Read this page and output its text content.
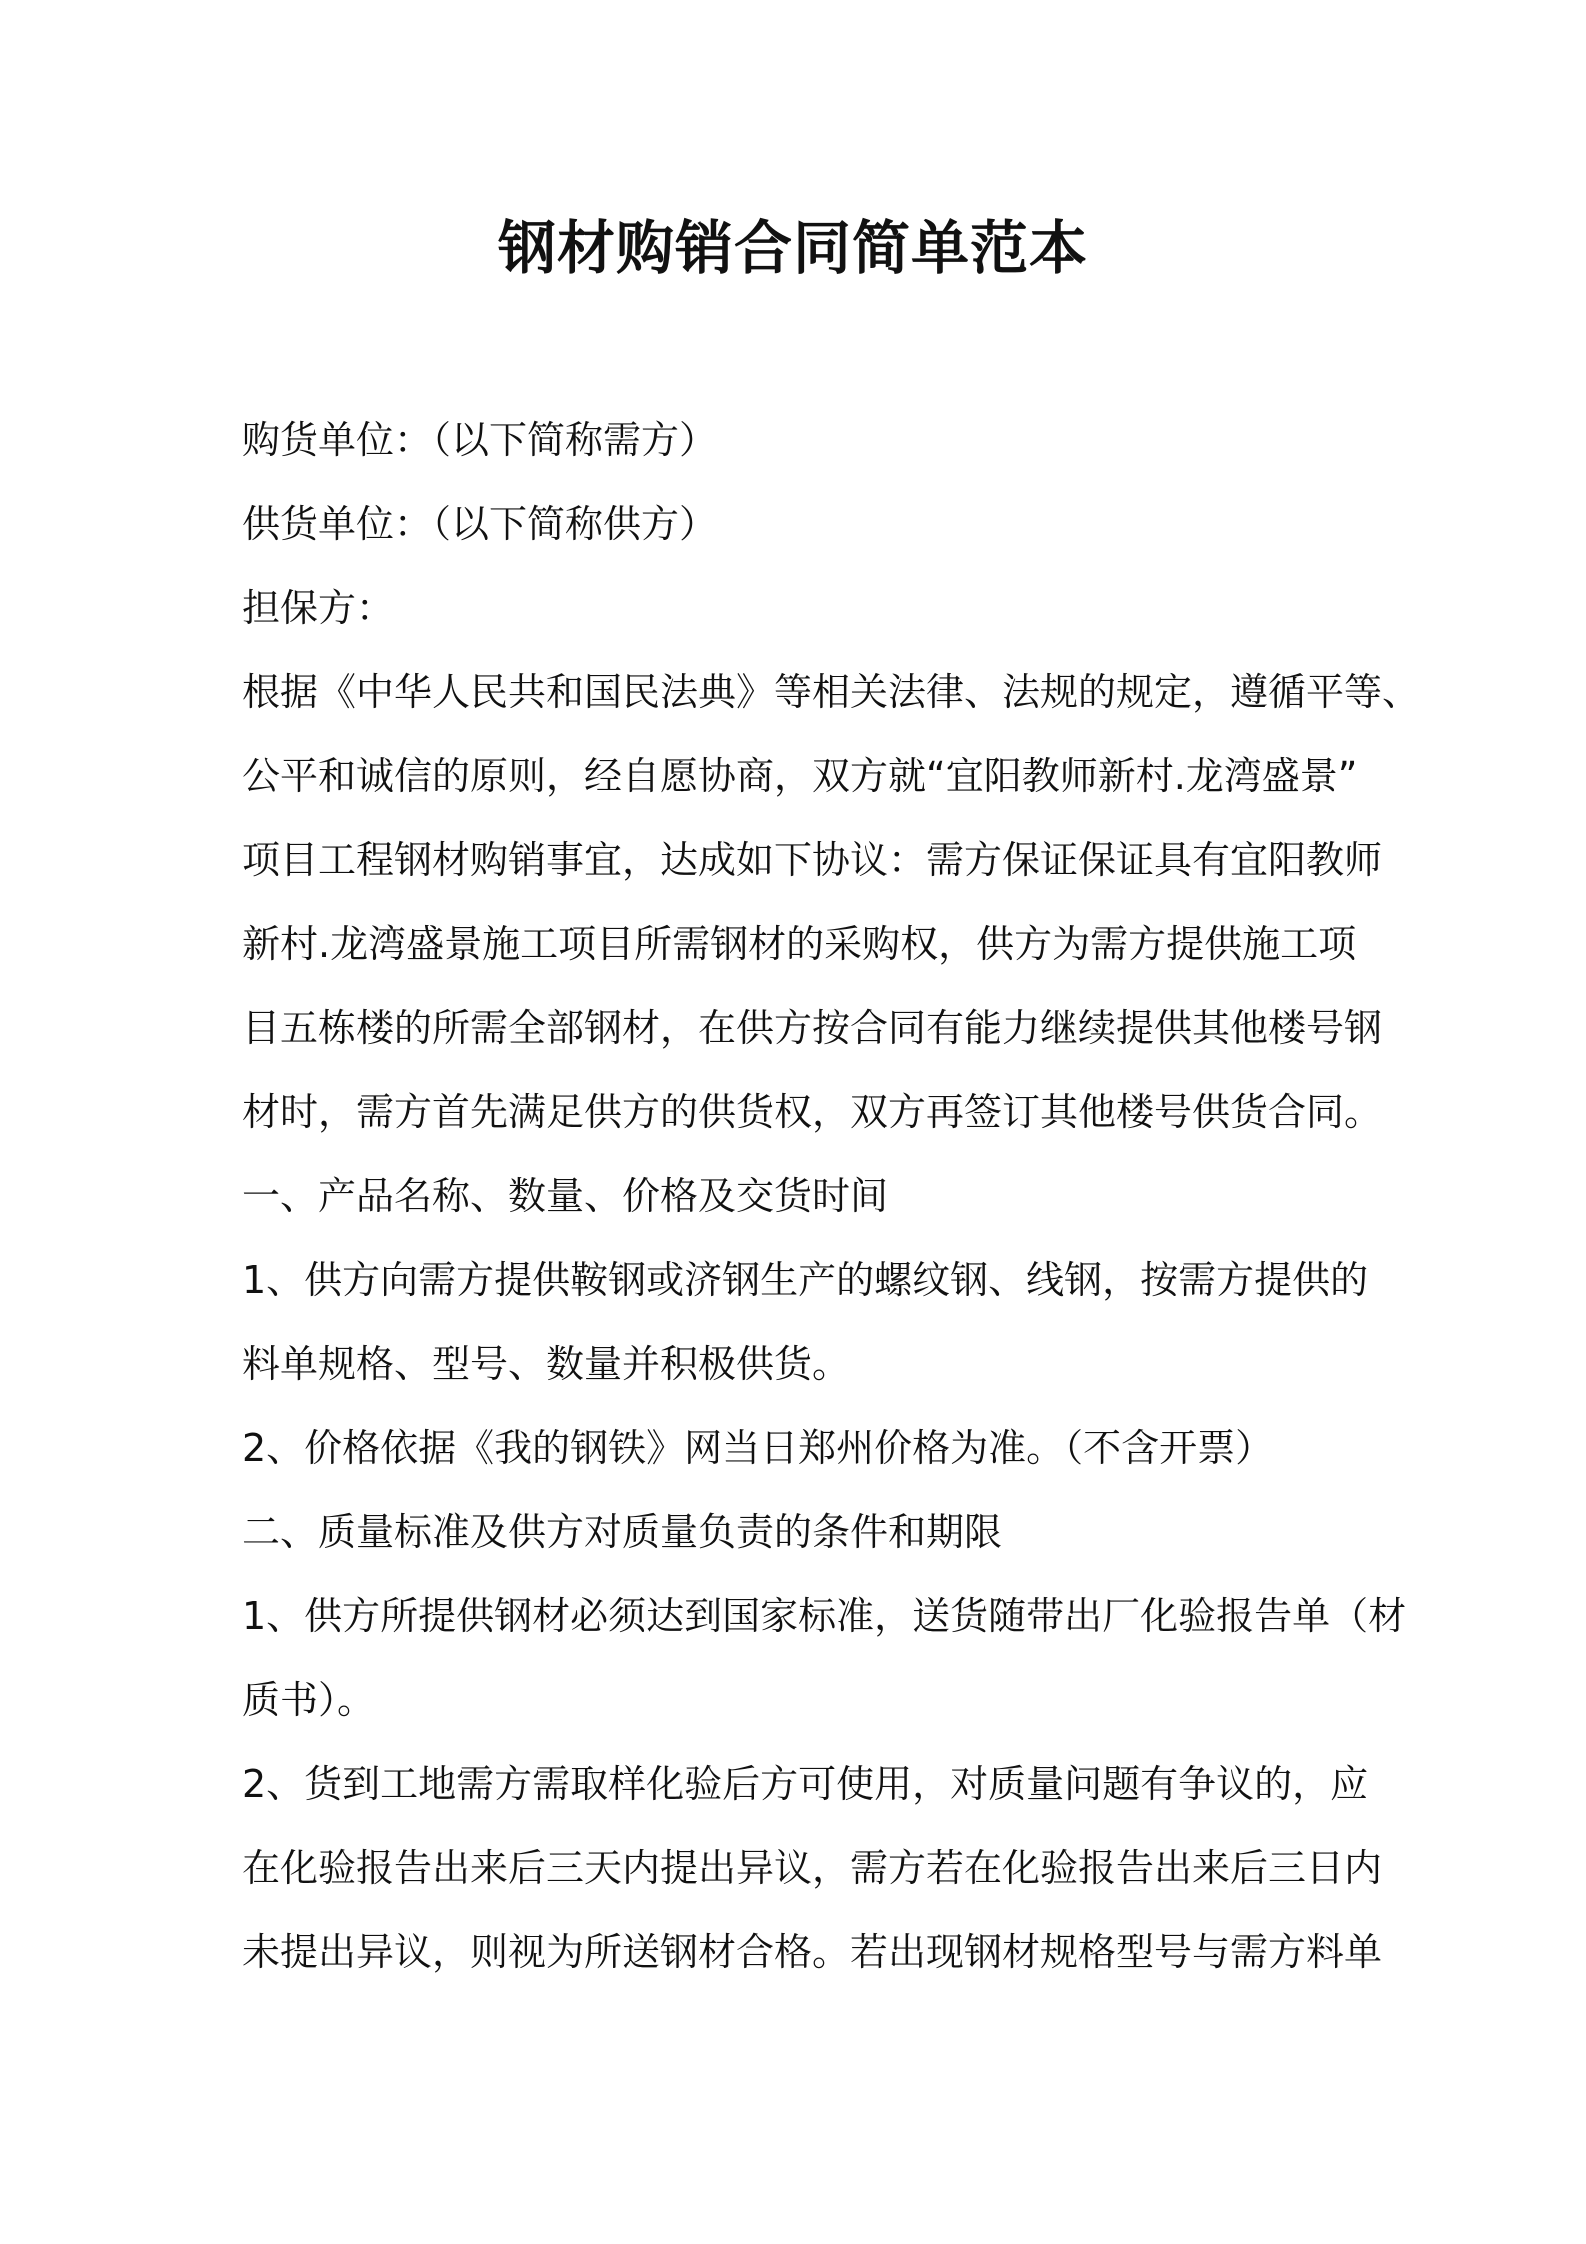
钢材购销合同简单范本
购货单位：（以下简称需方）
供货单位：（以下简称供方）
担保方：
根据《中华人民共和国民法典》等相关法律、法规的规定，遵循平等、
公平和诚信的原则，经自愿协商，双方就“宜阳教师新村.龙湾盛景”
项目工程钢材购销事宜，达成如下协议：需方保证保证具有宜阳教师
新村.龙湾盛景施工项目所需钢材的采购权，供方为需方提供施工项
目五栋楼的所需全部钢材，在供方按合同有能力继续提供其他楼号钢
材时，需方首先满足供方的供货权，双方再签订其他楼号供货合同。
一、产品名称、数量、价格及交货时间
1、供方向需方提供鞍钢或济钢生产的螺纹钢、线钢，按需方提供的
料单规格、型号、数量并积极供货。
2、价格依据《我的钢铁》网当日郑州价格为准。（不含开票）
二、质量标准及供方对质量负责的条件和期限
1、供方所提供钢材必须达到国家标准，送货随带出厂化验报告单（材
质书）。
2、货到工地需方需取样化验后方可使用，对质量问题有争议的，应
在化验报告出来后三天内提出异议，需方若在化验报告出来后三日内
未提出异议，则视为所送钢材合格。若出现钢材规格型号与需方料单
